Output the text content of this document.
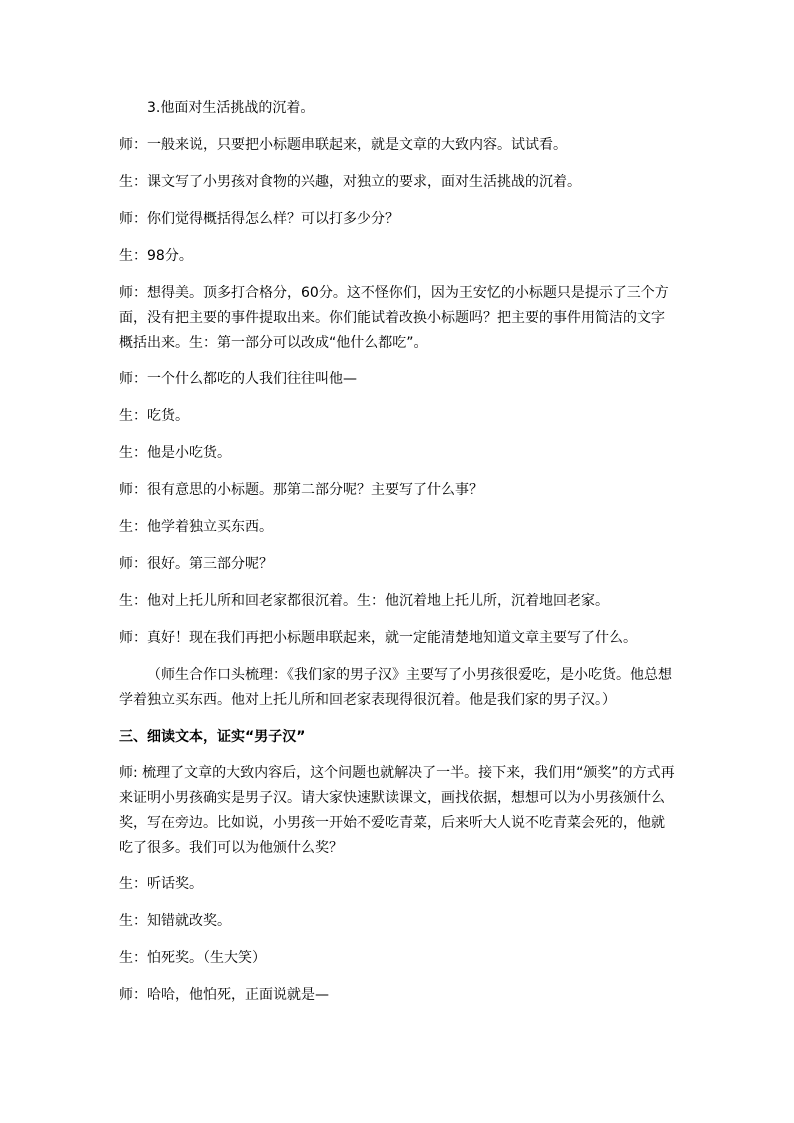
3.他面对生活挑战的沉着。
师：一般来说，只要把小标题串联起来，就是文章的大致内容。试试看。
生：课文写了小男孩对食物的兴趣，对独立的要求，面对生活挑战的沉着。
师：你们觉得概括得怎么样？可以打多少分？
生：98分。
师：想得美。顶多打合格分，60分。这不怪你们，因为王安忆的小标题只是提示了三个方面，没有把主要的事件提取出来。你们能试着改换小标题吗？把主要的事件用简洁的文字概括出来。生：第一部分可以改成“他什么都吃”。
师：一个什么都吃的人我们往往叫他—
生：吃货。
生：他是小吃货。
师：很有意思的小标题。那第二部分呢？主要写了什么事？
生：他学着独立买东西。
师：很好。第三部分呢？
生：他对上托儿所和回老家都很沉着。生：他沉着地上托儿所，沉着地回老家。
师：真好！现在我们再把小标题串联起来，就一定能清楚地知道文章主要写了什么。
（师生合作口头梳理：《我们家的男子汉》主要写了小男孩很爱吃，是小吃货。他总想学着独立买东西。他对上托儿所和回老家表现得很沉着。他是我们家的男子汉。）
三、细读文本，证实“男子汉”
师: 梳理了文章的大致内容后，这个问题也就解决了一半。接下来，我们用“颁奖”的方式再来证明小男孩确实是男子汉。请大家快速默读课文，画找依据，想想可以为小男孩颁什么奖，写在旁边。比如说，小男孩一开始不爱吃青菜，后来听大人说不吃青菜会死的，他就吃了很多。我们可以为他颁什么奖？
生：听话奖。
生：知错就改奖。
生：怕死奖。（生大笑）
师：哈哈，他怕死，正面说就是—
